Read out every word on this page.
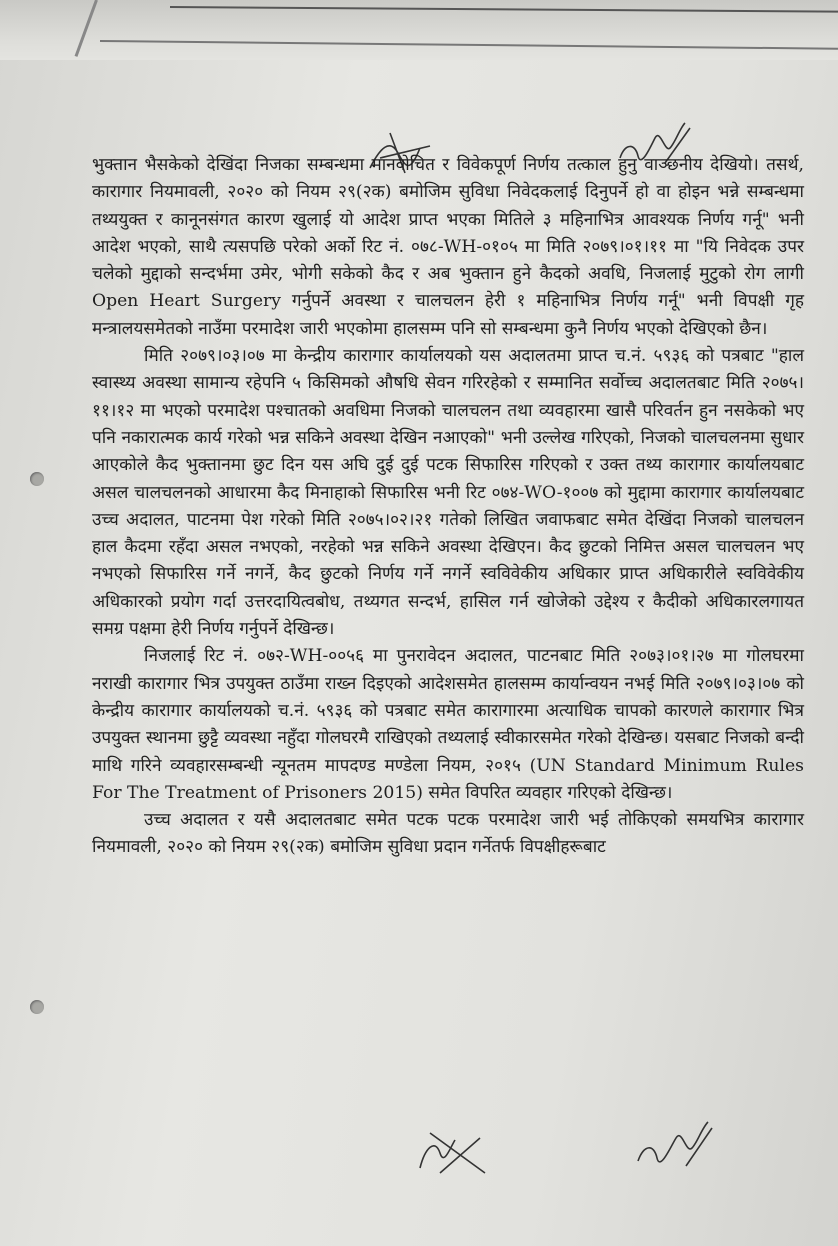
भुक्तान भैसकेको देखिंदा निजका सम्बन्धमा मानवोचित र विवेकपूर्ण निर्णय तत्काल हुनु वाञ्छनीय देखियो। तसर्थ, कारागार नियमावली, २०२० को नियम २९(२क) बमोजिम सुविधा निवेदकलाई दिनुपर्ने हो वा होइन भन्ने सम्बन्धमा तथ्ययुक्त र कानूनसंगत कारण खुलाई यो आदेश प्राप्त भएका मितिले ३ महिनाभित्र आवश्यक निर्णय गर्नू" भनी आदेश भएको, साथै त्यसपछि परेको अर्को रिट नं. ०७८-WH-०१०५ मा मिति २०७९।०१।११ मा "यि निवेदक उपर चलेको मुद्दाको सन्दर्भमा उमेर, भोगी सकेको कैद र अब भुक्तान हुने कैदको अवधि, निजलाई मुटुको रोग लागी Open Heart Surgery गर्नुपर्ने अवस्था र चालचलन हेरी १ महिनाभित्र निर्णय गर्नू" भनी विपक्षी गृह मन्त्रालयसमेतको नाउँमा परमादेश जारी भएकोमा हालसम्म पनि सो सम्बन्धमा कुनै निर्णय भएको देखिएको छैन।

मिति २०७९।०३।०७ मा केन्द्रीय कारागार कार्यालयको यस अदालतमा प्राप्त च.नं. ५९३६ को पत्रबाट "हाल स्वास्थ्य अवस्था सामान्य रहेपनि ५ किसिमको औषधि सेवन गरिरहेको र सम्मानित सर्वोच्च अदालतबाट मिति २०७५।११।१२ मा भएको परमादेश पश्चातको अवधिमा निजको चालचलन तथा व्यवहारमा खासै परिवर्तन हुन नसकेको भए पनि नकारात्मक कार्य गरेको भन्न सकिने अवस्था देखिन नआएको" भनी उल्लेख गरिएको, निजको चालचलनमा सुधार आएकोले कैद भुक्तानमा छुट दिन यस अघि दुई दुई पटक सिफारिस गरिएको र उक्त तथ्य कारागार कार्यालयबाट असल चालचलनको आधारमा कैद मिनाहाको सिफारिस भनी रिट ०७४-WO-१००७ को मुद्दामा कारागार कार्यालयबाट उच्च अदालत, पाटनमा पेश गरेको मिति २०७५।०२।२१ गतेको लिखित जवाफबाट समेत देखिंदा निजको चालचलन हाल कैदमा रहँदा असल नभएको, नरहेको भन्न सकिने अवस्था देखिएन। कैद छुटको निमित्त असल चालचलन भए नभएको सिफारिस गर्ने नगर्ने, कैद छुटको निर्णय गर्ने नगर्ने स्वविवेकीय अधिकार प्राप्त अधिकारीले स्वविवेकीय अधिकारको प्रयोग गर्दा उत्तरदायित्वबोध, तथ्यगत सन्दर्भ, हासिल गर्न खोजेको उद्देश्य र कैदीको अधिकारलगायत समग्र पक्षमा हेरी निर्णय गर्नुपर्ने देखिन्छ।

निजलाई रिट नं. ०७२-WH-००५६ मा पुनरावेदन अदालत, पाटनबाट मिति २०७३।०१।२७ मा गोलघरमा नराखी कारागार भित्र उपयुक्त ठाउँमा राख्न दिइएको आदेशसमेत हालसम्म कार्यान्वयन नभई मिति २०७९।०३।०७ को केन्द्रीय कारागार कार्यालयको च.नं. ५९३६ को पत्रबाट समेत कारागारमा अत्याधिक चापको कारणले कारागार भित्र उपयुक्त स्थानमा छुट्टै व्यवस्था नहुँदा गोलघरमै राखिएको तथ्यलाई स्वीकारसमेत गरेको देखिन्छ। यसबाट निजको बन्दी माथि गरिने व्यवहारसम्बन्धी न्यूनतम मापदण्ड मण्डेला नियम, २०१५ (UN Standard Minimum Rules For The Treatment of Prisoners 2015) समेत विपरित व्यवहार गरिएको देखिन्छ।

उच्च अदालत र यसै अदालतबाट समेत पटक पटक परमादेश जारी भई तोकिएको समयभित्र कारागार नियमावली, २०२० को नियम २९(२क) बमोजिम सुविधा प्रदान गर्नेतर्फ विपक्षीहरूबाट
